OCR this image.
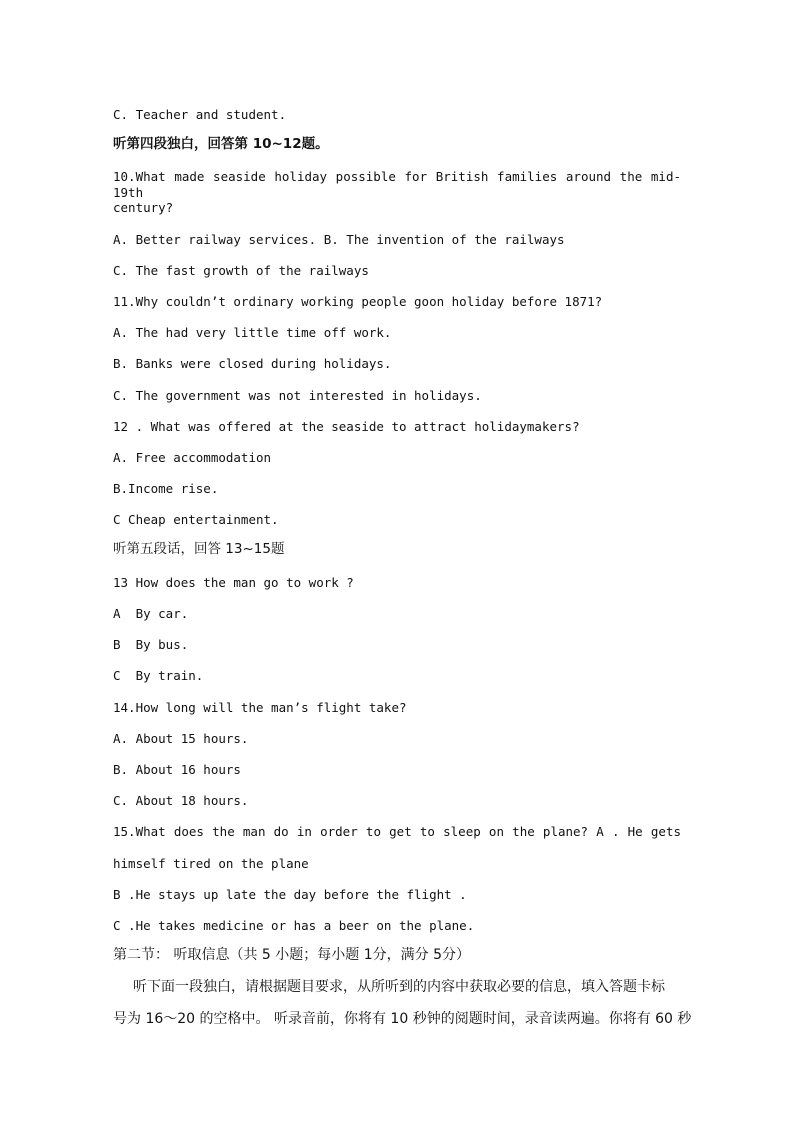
C. Teacher and student.
听第四段独白，回答第 10~12题。
10.What made seaside holiday possible for British families around the mid-19th
century?
A. Better railway services. B. The invention of the railways
C. The fast growth of the railways
11.Why couldn’t ordinary working people goon holiday before 1871?
A. The had very little time off work.
B. Banks were closed during holidays.
C. The government was not interested in holidays.
12 . What was offered at the seaside to attract holidaymakers?
A. Free accommodation
B.Income rise.
C Cheap entertainment.
听第五段话，回答 13~15题
13 How does the man go to work ?
A  By car.
B  By bus.
C  By train.
14.How long will the man’s flight take?
A. About 15 hours.
B. About 16 hours
C. About 18 hours.
15.What does the man do in order to get to sleep on the plane? A . He gets
himself tired on the plane
B .He stays up late the day before the flight .
C .He takes medicine or has a beer on the plane.
第二节： 听取信息（共 5 小题；每小题 1分，满分 5分）
听下面一段独白，请根据题目要求，从所听到的内容中获取必要的信息，填入答题卡标
号为 16～20 的空格中。 听录音前，你将有 10 秒钟的阅题时间，录音读两遍。你将有 60 秒
